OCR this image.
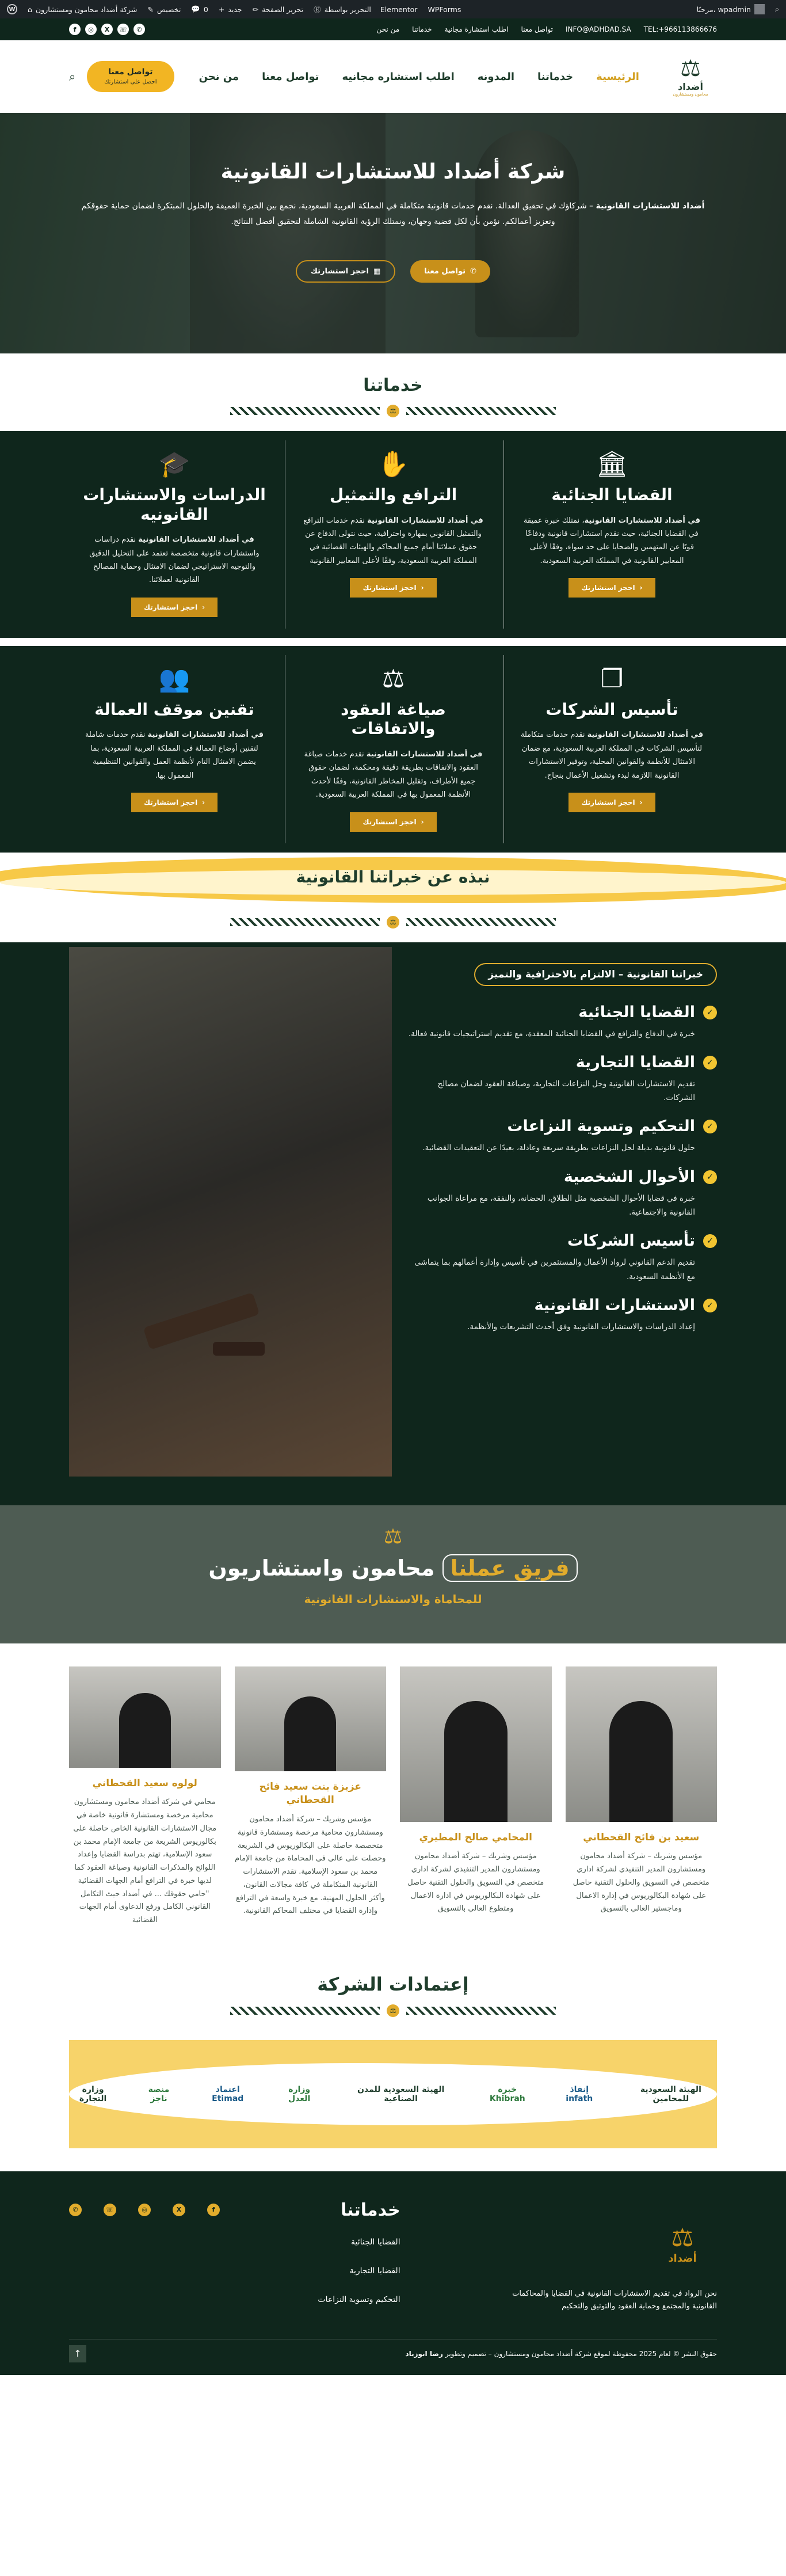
W ⌂ شركة أضداد محامون ومستشارون ✎ تخصيص 💬 0 + جديد ✏ تحرير الصفحة Ⓔ التحرير بواسطة
Elementor WPForms	مرحبًا، wpadmin	⌕
TEL:+966113866676
INFO@ADHDAD.SA
تواصل معنا
اطلب استشارة مجانية
خدماتنا
من نحن
f	◎	X	☏	✆
⚖
أضداد
محامون ومستشارون
الرئيسية
خدماتنا
المدونه
اطلب استشاره مجانيه
تواصل معنا
من نحن
تواصل معنا
احصل على استشارتك
⌕
شركة أضداد للاستشارات القانونية

أضداد للاستشارات القانونية – شركاؤك في تحقيق العدالة. نقدم خدمات قانونية متكاملة في المملكة العربية السعودية، نجمع بين الخبرة العميقة والحلول المبتكرة لضمان حماية حقوقكم وتعزيز أعمالكم. نؤمن بأن لكل قضية وجهان، ونمتلك الرؤية القانونية الشاملة لتحقيق أفضل النتائج.

✆
تواصل معنا
▦
احجز استشارتك
خدماتنا
⚖
🏛
القضايا الجنائية

في أضداد للاستشارات القانونية، نمتلك خبرة عميقة في القضايا الجنائية، حيث نقدم استشارات قانونية ودفاعًا قويًا عن المتهمين والضحايا على حد سواء، وفقًا لأعلى المعايير القانونية في المملكة العربية السعودية.

‹
احجز استشارتك
✋
الترافع والتمثيل

في أضداد للاستشارات القانونية نقدم خدمات الترافع والتمثيل القانوني بمهارة واحترافية، حيث نتولى الدفاع عن حقوق عملائنا أمام جميع المحاكم والهيئات القضائية في المملكة العربية السعودية، وفقًا لأعلى المعايير القانونية

‹
احجز استشارتك
🎓
الدراسات والاستشارات القانونيه

في أضداد للاستشارات القانونية نقدم دراسات واستشارات قانونية متخصصة تعتمد على التحليل الدقيق والتوجيه الاستراتيجي لضمان الامتثال وحماية المصالح القانونية لعملائنا.

‹
احجز استشارتك
❐
تأسيس الشركات

في أضداد للاستشارات القانونية نقدم خدمات متكاملة لتأسيس الشركات في المملكة العربية السعودية، مع ضمان الامتثال للأنظمة والقوانين المحلية، وتوفير الاستشارات القانونية اللازمة لبدء وتشغيل الأعمال بنجاح.

‹
احجز استشارتك
⚖
صياغة العقود والاتفاقات

في أضداد للاستشارات القانونية نقدم خدمات صياغة العقود والاتفاقات بطريقة دقيقة ومحكمة، لضمان حقوق جميع الأطراف، وتقليل المخاطر القانونية، وفقًا لأحدث الأنظمة المعمول بها في المملكة العربية السعودية.

‹
احجز استشارتك
👥
تقنين موقف العمالة

في أضداد للاستشارات القانونية نقدم خدمات شاملة لتقنين أوضاع العمالة في المملكة العربية السعودية، بما يضمن الامتثال التام لأنظمة العمل والقوانين التنظيمية المعمول بها.

‹
احجز استشارتك
نبذه عن خبراتنا القانونية
⚖
خبراتنا القانونية – الالتزام بالاحترافية والتميز
✓
القضايا الجنائية

خبرة في الدفاع والترافع في القضايا الجنائية المعقدة، مع تقديم استراتيجيات قانونية فعالة.

✓
القضايا التجارية

تقديم الاستشارات القانونية وحل النزاعات التجارية، وصياغة العقود لضمان مصالح الشركات.

✓
التحكيم وتسوية النزاعات

حلول قانونية بديلة لحل النزاعات بطريقة سريعة وعادلة، بعيدًا عن التعقيدات القضائية.

✓
الأحوال الشخصية

خبرة في قضايا الأحوال الشخصية مثل الطلاق، الحضانة، والنفقة، مع مراعاة الجوانب القانونية والاجتماعية.

✓
تأسيس الشركات

تقديم الدعم القانوني لرواد الأعمال والمستثمرين في تأسيس وإدارة أعمالهم بما يتماشى مع الأنظمة السعودية.

✓
الاستشارات القانونية

إعداد الدراسات والاستشارات القانونية وفق أحدث التشريعات والأنظمة.

⚖
فريق عملنا محامون واستشاريون
للمحاماة والاستشارات القانونية
سعيد بن فائح القحطاني

مؤسس وشريك – شركة أضداد محامون ومستشارون المدير التنفيذي لشركة اداري متخصص في التسويق والحلول التقنية حاصل على شهادة البكالوريوس في إدارة الاعمال وماجستير العالي بالتسويق

المحامي صالح المطيري

مؤسس وشريك – شركة أضداد محامون ومستشارون المدير التنفيذي لشركة اداري متخصص في التسويق والحلول التقنية حاصل على شهادة البكالوريوس في ادارة الاعمال ومتطوع العالي بالتسويق

عزيزة بنت سعيد فائح القحطاني

مؤسس وشريك – شركة أضداد محامون ومستشارون محامية مرخصة ومستشارة قانونية متخصصة حاصلة على البكالوريوس في الشريعة وحصلت على عالي في المحاماة من جامعة الإمام محمد بن سعود الإسلامية. تقدم الاستشارات القانونية المتكاملة في كافة مجالات القانون، وأكثر الحلول المهنية. مع خبرة واسعة في الترافع وإدارة القضايا في مختلف المحاكم القانونية.

لولوه سعيد القحطاني

محامي في شركة أضداد محامون ومستشارون محامية مرخصة ومستشارة قانونية خاصة في مجال الاستشارات القانونية الخاص حاصلة على بكالوريوس الشريعة من جامعة الإمام محمد بن سعود الإسلامية، تهتم بدراسة القضايا وإعداد اللوائح والمذكرات القانونية وصياغة العقود كما لديها خبرة في الترافع أمام الجهات القضائية "حامي حقوقك ... في أضداد حيث التكامل القانوني الكامل ورفع الدعاوى أمام الجهات القضائية

إعتمادات الشركة
⚖
الهيئة السعودية للمحامين
إنفاذ infath
خبرة Khibrah
الهيئة السعودية للمدن الصناعية
وزارة العدل
اعتماد Etimad
منصة ناجز
وزارة التجارة
⚖
أضداد

نحن الرواد في تقديم الاستشارات القانونية في القضايا والمحاكمات القانونية والمجتمع وحماية العقود والتوثيق والتحكيم

خدماتنا
القضايا الجنائية
القضايا التجارية
التحكيم وتسوية النزاعات
✆	☏	◎	X	f
حقوق النشر © لعام 2025 محفوظة لموقع شركة أضداد محامون ومستشارون – تصميم وتطوير رضا ابوزياد
↑
